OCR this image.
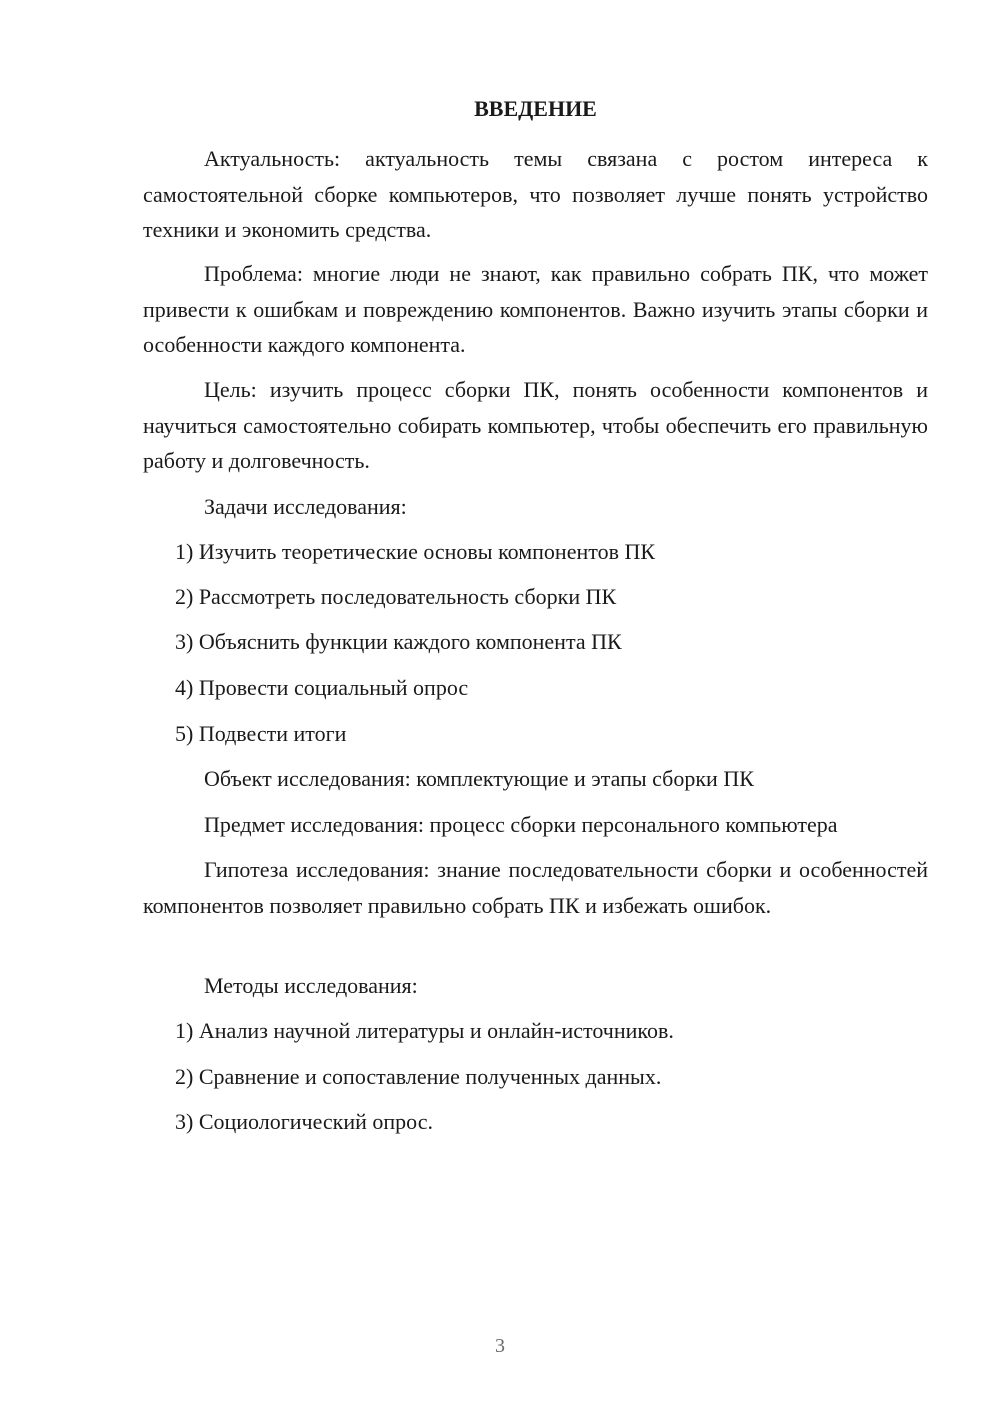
ВВЕДЕНИЕ

Актуальность: актуальность темы связана с ростом интереса к самостоятельной сборке компьютеров, что позволяет лучше понять устройство техники и экономить средства.

Проблема: многие люди не знают, как правильно собрать ПК, что может привести к ошибкам и повреждению компонентов. Важно изучить этапы сборки и особенности каждого компонента.

Цель: изучить процесс сборки ПК, понять особенности компонентов и научиться самостоятельно собирать компьютер, чтобы обеспечить его правильную работу и долговечность.

Задачи исследования:

1) Изучить теоретические основы компонентов ПК

2) Рассмотреть последовательность сборки ПК

3) Объяснить функции каждого компонента ПК

4) Провести социальный опрос

5) Подвести итоги

Объект исследования: комплектующие и этапы сборки ПК

Предмет исследования: процесс сборки персонального компьютера

Гипотеза исследования: знание последовательности сборки и особенностей компонентов позволяет правильно собрать ПК и избежать ошибок.

Методы исследования:

1) Анализ научной литературы и онлайн-источников.

2) Сравнение и сопоставление полученных данных.

3) Социологический опрос.

3
